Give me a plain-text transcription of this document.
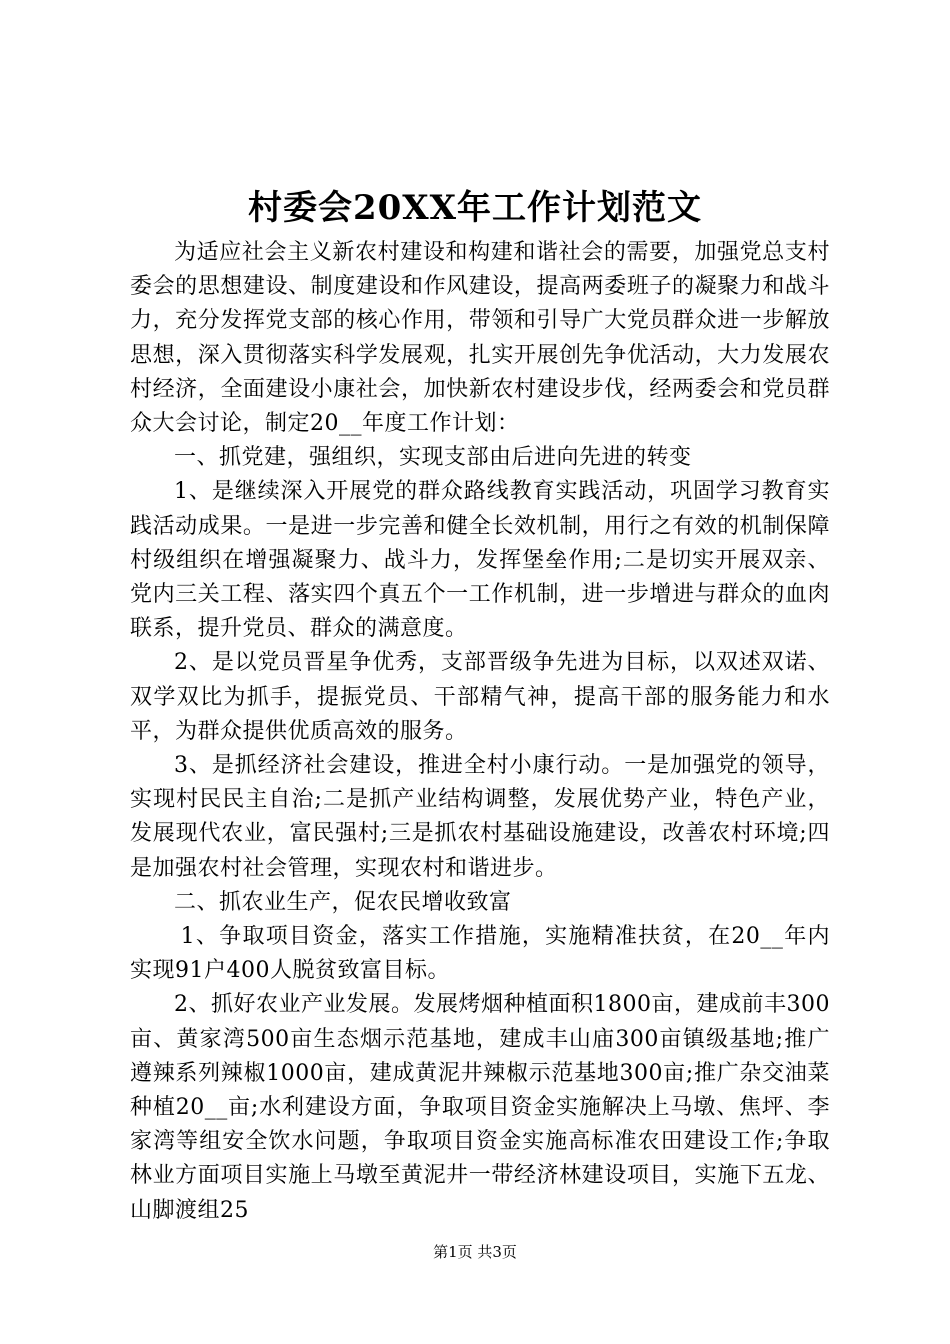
村委会20XX年工作计划范文

为适应社会主义新农村建设和构建和谐社会的需要，加强党总支村委会的思想建设、制度建设和作风建设，提高两委班子的凝聚力和战斗力，充分发挥党支部的核心作用，带领和引导广大党员群众进一步解放思想，深入贯彻落实科学发展观，扎实开展创先争优活动，大力发展农村经济，全面建设小康社会，加快新农村建设步伐，经两委会和党员群众大会讨论，制定20__年度工作计划：

一、抓党建，强组织，实现支部由后进向先进的转变

1、是继续深入开展党的群众路线教育实践活动，巩固学习教育实践活动成果。一是进一步完善和健全长效机制，用行之有效的机制保障村级组织在增强凝聚力、战斗力，发挥堡垒作用;二是切实开展双亲、党内三关工程、落实四个真五个一工作机制，进一步增进与群众的血肉联系，提升党员、群众的满意度。

2、是以党员晋星争优秀，支部晋级争先进为目标，以双述双诺、双学双比为抓手，提振党员、干部精气神，提高干部的服务能力和水平，为群众提供优质高效的服务。

3、是抓经济社会建设，推进全村小康行动。一是加强党的领导，实现村民民主自治;二是抓产业结构调整，发展优势产业，特色产业，发展现代农业，富民强村;三是抓农村基础设施建设，改善农村环境;四是加强农村社会管理，实现农村和谐进步。

二、抓农业生产，促农民增收致富

1、争取项目资金，落实工作措施，实施精准扶贫，在20__年内实现91户400人脱贫致富目标。

2、抓好农业产业发展。发展烤烟种植面积1800亩，建成前丰300亩、黄家湾500亩生态烟示范基地，建成丰山庙300亩镇级基地;推广遵辣系列辣椒1000亩，建成黄泥井辣椒示范基地300亩;推广杂交油菜种植20__亩;水利建设方面，争取项目资金实施解决上马墩、焦坪、李家湾等组安全饮水问题，争取项目资金实施高标准农田建设工作;争取林业方面项目实施上马墩至黄泥井一带经济林建设项目，实施下五龙、山脚渡组25

第1页 共3页
